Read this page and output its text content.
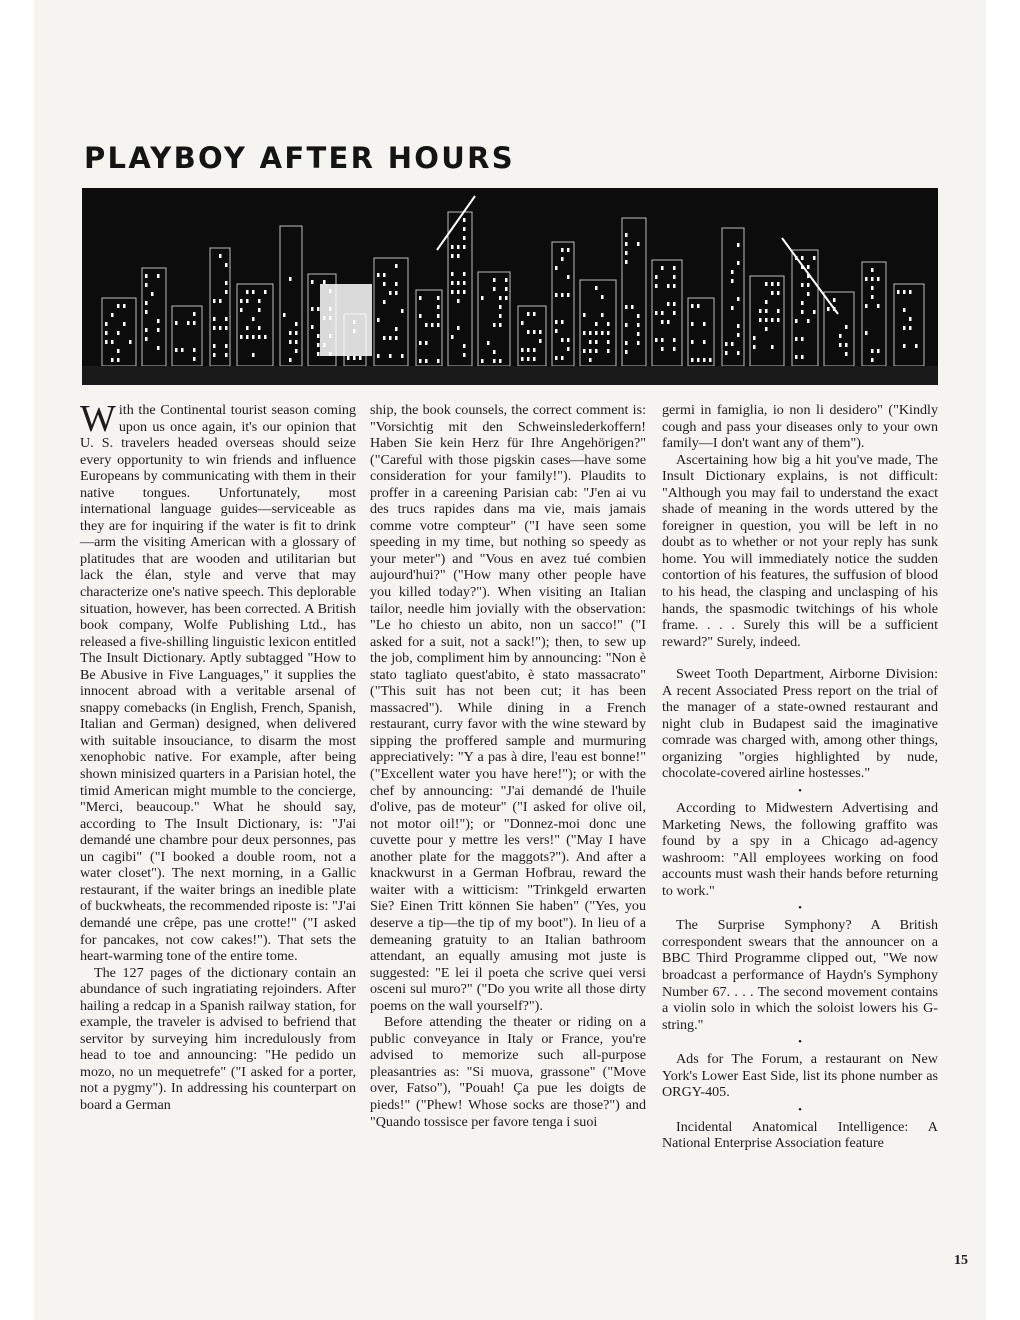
PLAYBOY AFTER HOURS

With the Continental tourist season coming upon us once again, it's our opinion that U. S. travelers headed overseas should seize every opportunity to win friends and influence Europeans by communicating with them in their native tongues. Unfortunately, most international language guides—serviceable as they are for inquiring if the water is fit to drink—arm the visiting American with a glossary of platitudes that are wooden and utilitarian but lack the élan, style and verve that may characterize one's native speech. This deplorable situation, however, has been corrected. A British book company, Wolfe Publishing Ltd., has released a five-shilling linguistic lexicon entitled The Insult Dictionary. Aptly subtagged "How to Be Abusive in Five Languages," it supplies the innocent abroad with a veritable arsenal of snappy comebacks (in English, French, Spanish, Italian and German) designed, when delivered with suitable insouciance, to disarm the most xenophobic native. For example, after being shown minisized quarters in a Parisian hotel, the timid American might mumble to the concierge, "Merci, beaucoup." What he should say, according to The Insult Dictionary, is: "J'ai demandé une chambre pour deux personnes, pas un cagibi" ("I booked a double room, not a water closet"). The next morning, in a Gallic restaurant, if the waiter brings an inedible plate of buckwheats, the recommended riposte is: "J'ai demandé une crêpe, pas une crotte!" ("I asked for pancakes, not cow cakes!"). That sets the heart-warming tone of the entire tome.

The 127 pages of the dictionary contain an abundance of such ingratiating rejoinders. After hailing a redcap in a Spanish railway station, for example, the traveler is advised to befriend that servitor by surveying him incredulously from head to toe and announcing: "He pedido un mozo, no un mequetrefe" ("I asked for a porter, not a pygmy"). In addressing his counterpart on board a German

ship, the book counsels, the correct comment is: "Vorsichtig mit den Schweinslederkoffern! Haben Sie kein Herz für Ihre Angehörigen?" ("Careful with those pigskin cases—have some consideration for your family!"). Plaudits to proffer in a careening Parisian cab: "J'en ai vu des trucs rapides dans ma vie, mais jamais comme votre compteur" ("I have seen some speeding in my time, but nothing so speedy as your meter") and "Vous en avez tué combien aujourd'hui?" ("How many other people have you killed today?"). When visiting an Italian tailor, needle him jovially with the observation: "Le ho chiesto un abito, non un sacco!" ("I asked for a suit, not a sack!"); then, to sew up the job, compliment him by announcing: "Non è stato tagliato quest'abito, è stato massacrato" ("This suit has not been cut; it has been massacred"). While dining in a French restaurant, curry favor with the wine steward by sipping the proffered sample and murmuring appreciatively: "Y a pas à dire, l'eau est bonne!" ("Excellent water you have here!"); or with the chef by announcing: "J'ai demandé de l'huile d'olive, pas de moteur" ("I asked for olive oil, not motor oil!"); or "Donnez-moi donc une cuvette pour y mettre les vers!" ("May I have another plate for the maggots?"). And after a knackwurst in a German Hofbrau, reward the waiter with a witticism: "Trinkgeld erwarten Sie? Einen Tritt können Sie haben" ("Yes, you deserve a tip—the tip of my boot"). In lieu of a demeaning gratuity to an Italian bathroom attendant, an equally amusing mot juste is suggested: "E lei il poeta che scrive quei versi osceni sul muro?" ("Do you write all those dirty poems on the wall yourself?").

Before attending the theater or riding on a public conveyance in Italy or France, you're advised to memorize such all-purpose pleasantries as: "Si muova, grassone" ("Move over, Fatso"), "Pouah! Ça pue les doigts de pieds!" ("Phew! Whose socks are those?") and "Quando tossisce per favore tenga i suoi

germi in famiglia, io non li desidero" ("Kindly cough and pass your diseases only to your own family—I don't want any of them").

Ascertaining how big a hit you've made, The Insult Dictionary explains, is not difficult: "Although you may fail to understand the exact shade of meaning in the words uttered by the foreigner in question, you will be left in no doubt as to whether or not your reply has sunk home. You will immediately notice the sudden contortion of his features, the suffusion of blood to his head, the clasping and unclasping of his hands, the spasmodic twitchings of his whole frame. . . . Surely this will be a sufficient reward?" Surely, indeed.

Sweet Tooth Department, Airborne Division: A recent Associated Press report on the trial of the manager of a state-owned restaurant and night club in Budapest said the imaginative comrade was charged with, among other things, organizing "orgies highlighted by nude, chocolate-covered airline hostesses."

•

According to Midwestern Advertising and Marketing News, the following graffito was found by a spy in a Chicago ad-agency washroom: "All employees working on food accounts must wash their hands before returning to work."

•

The Surprise Symphony? A British correspondent swears that the announcer on a BBC Third Programme clipped out, "We now broadcast a performance of Haydn's Symphony Number 67. . . . The second movement contains a violin solo in which the soloist lowers his G-string."

•

Ads for The Forum, a restaurant on New York's Lower East Side, list its phone number as ORGY-405.

•

Incidental Anatomical Intelligence: A National Enterprise Association feature

15
